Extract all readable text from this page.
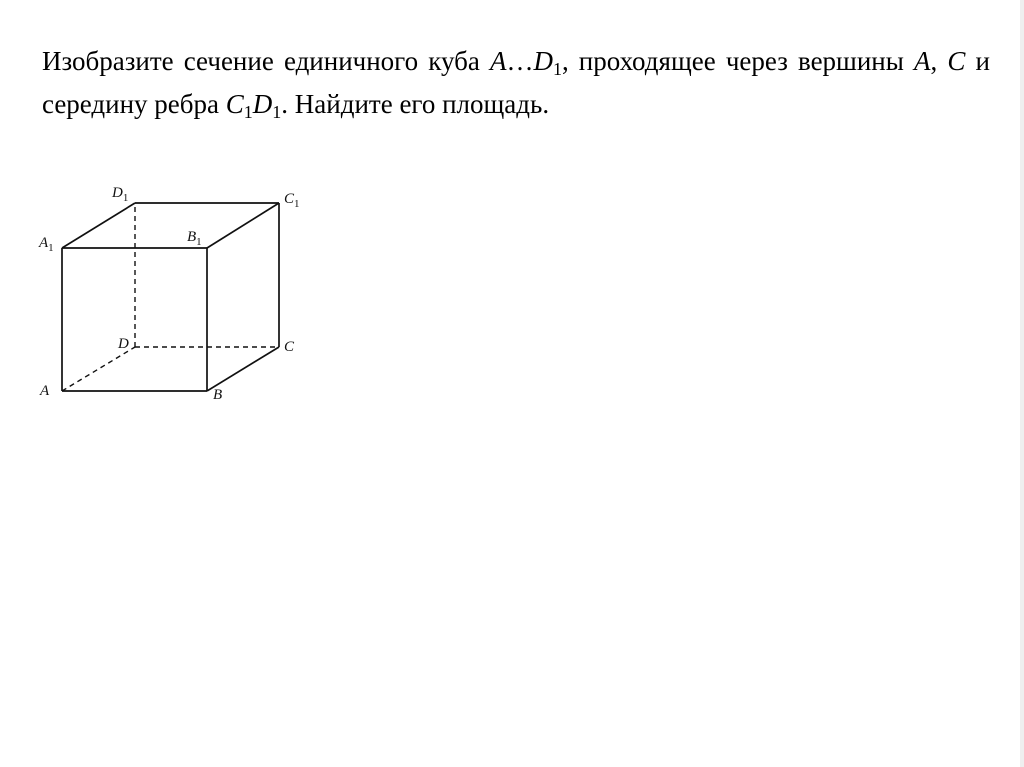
Изобразите сечение единичного куба $A\dots D_1$, проходящее через вершины A, C и середину ребра $C_1D_1$. Найдите его площадь.
A	B
C
D
$A_1$
$B_1$
$C_1$
$D_1$
